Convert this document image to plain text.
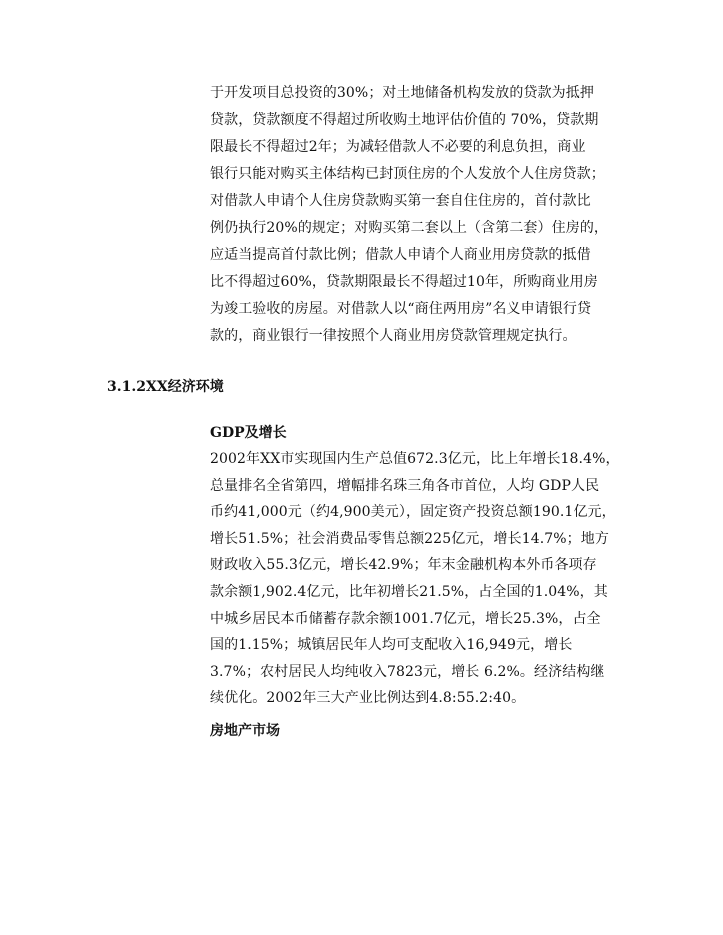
于开发项目总投资的30%；对土地储备机构发放的贷款为抵押
贷款，贷款额度不得超过所收购土地评估价值的 70%，贷款期
限最长不得超过2年；为减轻借款人不必要的利息负担，商业
银行只能对购买主体结构已封顶住房的个人发放个人住房贷款；
对借款人申请个人住房贷款购买第一套自住住房的，首付款比
例仍执行20%的规定；对购买第二套以上（含第二套）住房的，
应适当提高首付款比例；借款人申请个人商业用房贷款的抵借
比不得超过60%，贷款期限最长不得超过10年，所购商业用房
为竣工验收的房屋。对借款人以“商住两用房”名义申请银行贷
款的，商业银行一律按照个人商业用房贷款管理规定执行。
3.1.2XX经济环境
GDP及增长
2002年XX市实现国内生产总值672.3亿元，比上年增长18.4%，
总量排名全省第四，增幅排名珠三角各市首位，人均 GDP人民
币约41,000元（约4,900美元），固定资产投资总额190.1亿元，
增长51.5%；社会消费品零售总额225亿元，增长14.7%；地方
财政收入55.3亿元，增长42.9%；年末金融机构本外币各项存
款余额1,902.4亿元，比年初增长21.5%，占全国的1.04%，其
中城乡居民本币储蓄存款余额1001.7亿元，增长25.3%，占全
国的1.15%；城镇居民年人均可支配收入16,949元，增长
3.7%；农村居民人均纯收入7823元，增长 6.2%。经济结构继
续优化。2002年三大产业比例达到4.8:55.2:40。
房地产市场
